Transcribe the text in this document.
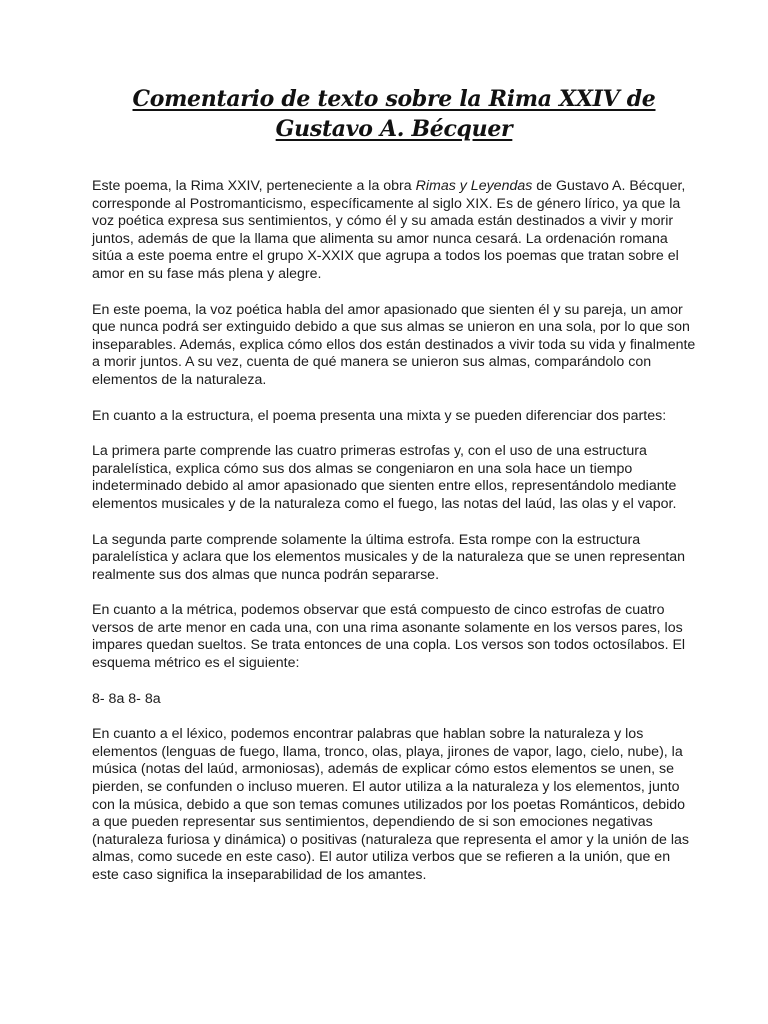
Comentario de texto sobre la Rima XXIV de Gustavo A. Bécquer

Este poema, la Rima XXIV, perteneciente a la obra Rimas y Leyendas de Gustavo A. Bécquer, corresponde al Postromanticismo, específicamente al siglo XIX. Es de género lírico, ya que la voz poética expresa sus sentimientos, y cómo él y su amada están destinados a vivir y morir juntos, además de que la llama que alimenta su amor nunca cesará. La ordenación romana sitúa a este poema entre el grupo X-XXIX que agrupa a todos los poemas que tratan sobre el amor en su fase más plena y alegre.

En este poema, la voz poética habla del amor apasionado que sienten él y su pareja, un amor que nunca podrá ser extinguido debido a que sus almas se unieron en una sola, por lo que son inseparables. Además, explica cómo ellos dos están destinados a vivir toda su vida y finalmente a morir juntos. A su vez, cuenta de qué manera se unieron sus almas, comparándolo con elementos de la naturaleza.

En cuanto a la estructura, el poema presenta una mixta y se pueden diferenciar dos partes:

La primera parte comprende las cuatro primeras estrofas y, con el uso de una estructura paralelística, explica cómo sus dos almas se congeniaron en una sola hace un tiempo indeterminado debido al amor apasionado que sienten entre ellos, representándolo mediante elementos musicales y de la naturaleza como el fuego, las notas del laúd, las olas y el vapor.

La segunda parte comprende solamente la última estrofa. Esta rompe con la estructura paralelística y aclara que los elementos musicales y de la naturaleza que se unen representan realmente sus dos almas que nunca podrán separarse.

En cuanto a la métrica, podemos observar que está compuesto de cinco estrofas de cuatro versos de arte menor en cada una, con una rima asonante solamente en los versos pares, los impares quedan sueltos. Se trata entonces de una copla. Los versos son todos octosílabos. El esquema métrico es el siguiente:

8- 8a 8- 8a

En cuanto a el léxico, podemos encontrar palabras que hablan sobre la naturaleza y los elementos (lenguas de fuego, llama, tronco, olas, playa, jirones de vapor, lago, cielo, nube), la música (notas del laúd, armoniosas), además de explicar cómo estos elementos se unen, se pierden, se confunden o incluso mueren. El autor utiliza a la naturaleza y los elementos, junto con la música, debido a que son temas comunes utilizados por los poetas Románticos, debido a que pueden representar sus sentimientos, dependiendo de si son emociones negativas (naturaleza furiosa y dinámica) o positivas (naturaleza que representa el amor y la unión de las almas, como sucede en este caso). El autor utiliza verbos que se refieren a la unión, que en este caso significa la inseparabilidad de los amantes.
